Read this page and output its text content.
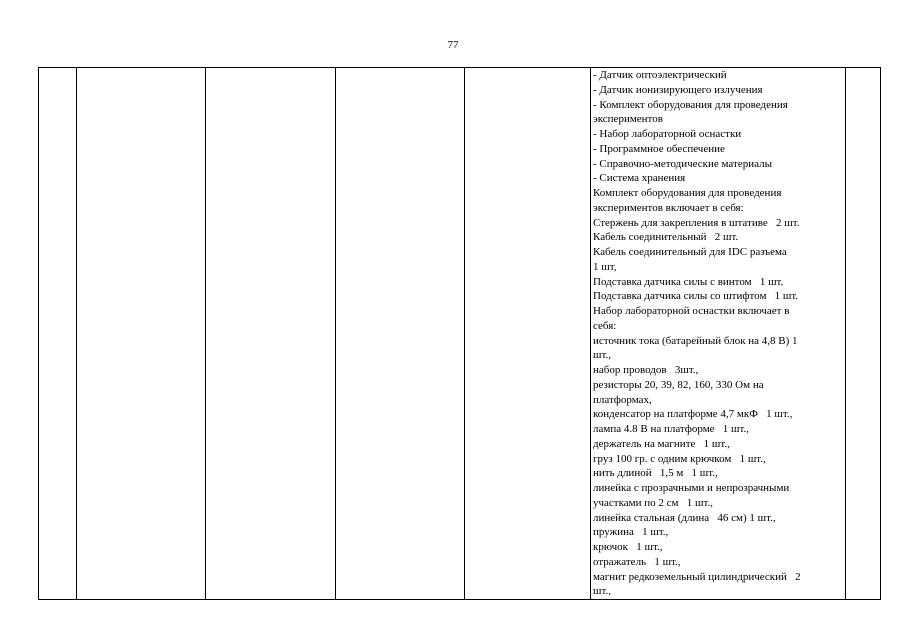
77
- Датчик оптоэлектрический
- Датчик ионизирующего излучения
- Комплект оборудования для проведения
экспериментов
- Набор лабораторной оснастки
- Программное обеспечение
- Справочно-методические материалы
- Система хранения
Комплект оборудования для проведения
экспериментов включает в себя:
Стержень для закрепления в штативе   2 шт.
Кабель соединительный   2 шт.
Кабель соединительный для IDC разъема
1 шт,
Подставка датчика силы с винтом   1 шт.
Подставка датчика силы со штифтом   1 шт.
Набор лабораторной оснастки включает в
себя:
источник тока (батарейный блок на 4,8 В) 1
шт.,
набор проводов   3шт.,
резисторы 20, 39, 82, 160, 330 Ом на
платформах,
конденсатор на платформе 4,7 мкФ   1 шт.,
лампа 4.8 В на платформе   1 шт.,
держатель на магните   1 шт.,
груз 100 гр. с одним крючком   1 шт.,
нить длиной   1,5 м   1 шт.,
линейка с прозрачными и непрозрачными
участками по 2 см   1 шт.,
линейка стальная (длина   46 см) 1 шт.,
пружина   1 шт.,
крючок   1 шт.,
отражатель   1 шт.,
магнит редкоземельный цилиндрический   2
шт.,
